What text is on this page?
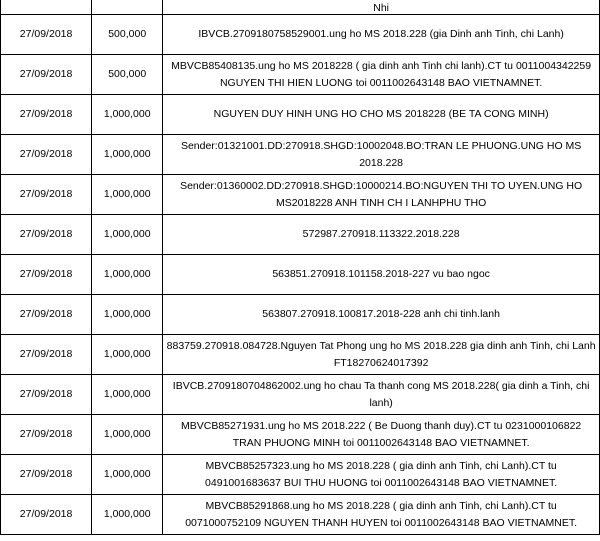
		Nhi
27/09/2018	500,000	IBVCB.2709180758529001.ung ho MS 2018.228 (gia Dinh anh Tinh, chi Lanh)
27/09/2018	500,000	MBVCB85408135.ung ho MS 2018228 ( gia dinh anh Tinh chi lanh).CT tu 0011004342259 NGUYEN THI HIEN LUONG toi 0011002643148 BAO VIETNAMNET.
27/09/2018	1,000,000	NGUYEN DUY HINH UNG HO CHO MS 2018228 (BE TA CONG MINH)
27/09/2018	1,000,000	Sender:01321001.DD:270918.SHGD:10002048.BO:TRAN LE PHUONG.UNG HO MS 2018.228
27/09/2018	1,000,000	Sender:01360002.DD:270918.SHGD:10000214.BO:NGUYEN THI TO UYEN.UNG HO MS2018228 ANH TINH CH I LANHPHU THO
27/09/2018	1,000,000	572987.270918.113322.2018.228
27/09/2018	1,000,000	563851.270918.101158.2018-227 vu bao ngoc
27/09/2018	1,000,000	563807.270918.100817.2018-228 anh chi tinh.lanh
27/09/2018	1,000,000	883759.270918.084728.Nguyen Tat Phong ung ho MS 2018.228 gia dinh anh Tinh, chi Lanh FT18270624017392
27/09/2018	1,000,000	IBVCB.2709180704862002.ung ho chau Ta thanh cong MS 2018.228( gia dinh a Tinh, chi lanh)
27/09/2018	1,000,000	MBVCB85271931.ung ho MS 2018.222 ( Be Duong thanh duy).CT tu 0231000106822 TRAN PHUONG MINH toi 0011002643148 BAO VIETNAMNET.
27/09/2018	1,000,000	MBVCB85257323.ung ho MS 2018.228 ( gia dinh anh Tinh, chi Lanh).CT tu 0491001683637 BUI THU HUONG toi 0011002643148 BAO VIETNAMNET.
27/09/2018	1,000,000	MBVCB85291868.ung ho MS 2018.228 ( gia dinh anh Tinh, chi Lanh).CT tu 0071000752109 NGUYEN THANH HUYEN toi 0011002643148 BAO VIETNAMNET.
